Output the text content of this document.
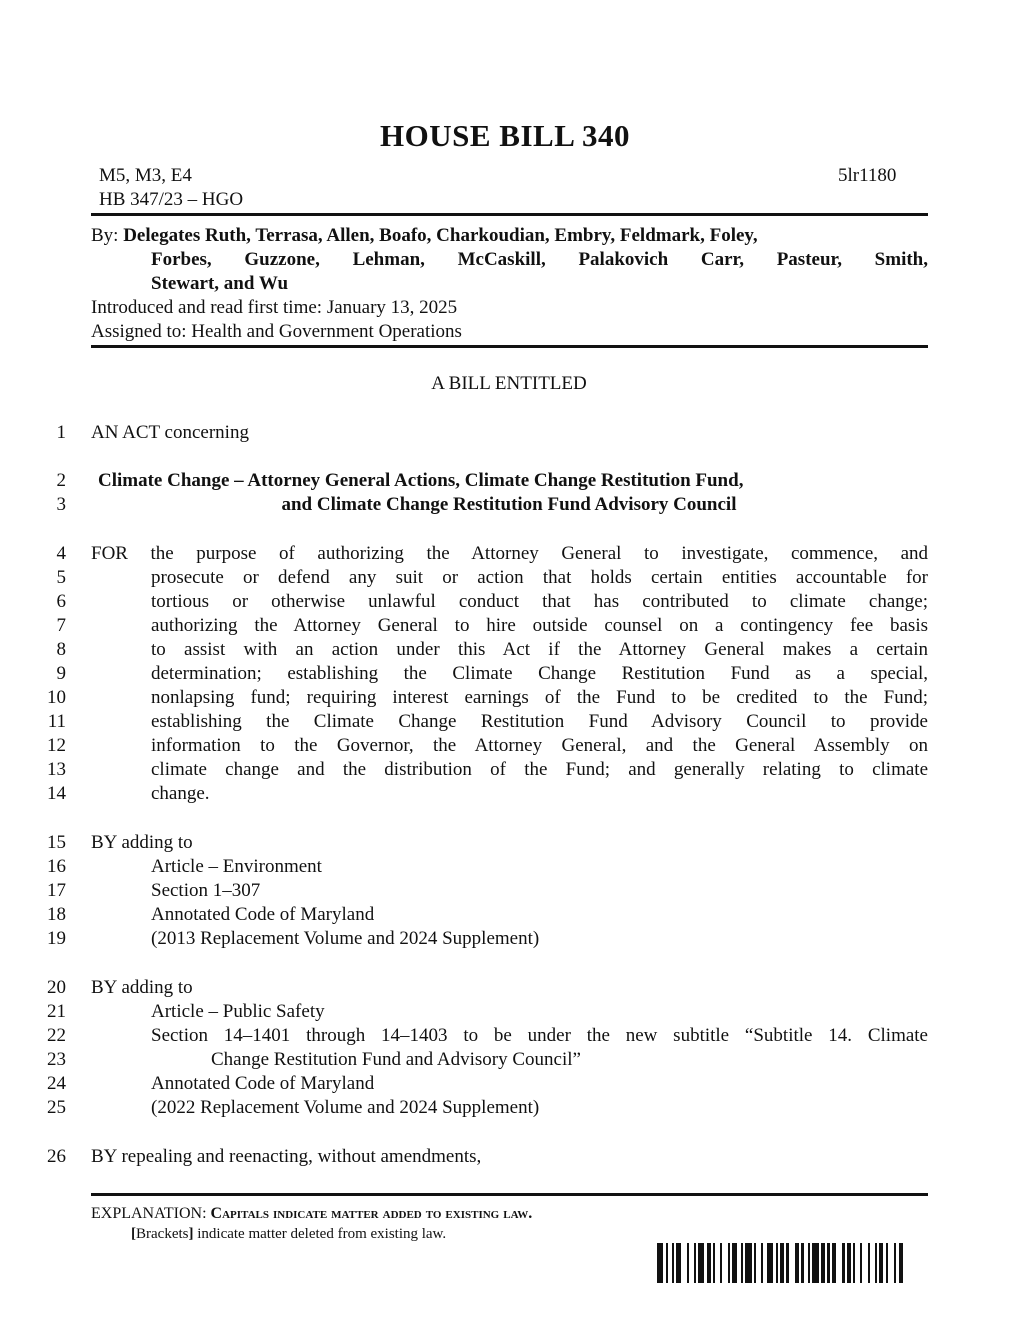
HOUSE BILL 340
M5, M3, E4
HB 347/23 – HGO
5lr1180
By: Delegates Ruth, Terrasa, Allen, Boafo, Charkoudian, Embry, Feldmark, Foley,
Forbes, Guzzone, Lehman, McCaskill, Palakovich Carr, Pasteur, Smith,
Stewart, and Wu
Introduced and read first time: January 13, 2025
Assigned to: Health and Government Operations
A BILL ENTITLED
1 AN ACT concerning
2 Climate Change – Attorney General Actions, Climate Change Restitution Fund,
3	and Climate Change Restitution Fund Advisory Council
4 FOR the purpose of authorizing the Attorney General to investigate, commence, and
5	prosecute or defend any suit or action that holds certain entities accountable for
6	tortious or otherwise unlawful conduct that has contributed to climate change;
7	authorizing the Attorney General to hire outside counsel on a contingency fee basis
8	to assist with an action under this Act if the Attorney General makes a certain
9	determination; establishing the Climate Change Restitution Fund as a special,
10	nonlapsing fund; requiring interest earnings of the Fund to be credited to the Fund;
11	establishing the Climate Change Restitution Fund Advisory Council to provide
12	information to the Governor, the Attorney General, and the General Assembly on
13	climate change and the distribution of the Fund; and generally relating to climate
14	change.
15 BY adding to
16	Article – Environment
17	Section 1–307
18	Annotated Code of Maryland
19	(2013 Replacement Volume and 2024 Supplement)
20 BY adding to
21	Article – Public Safety
22	Section 14–1401 through 14–1403 to be under the new subtitle “Subtitle 14. Climate
23	Change Restitution Fund and Advisory Council”
24	Annotated Code of Maryland
25	(2022 Replacement Volume and 2024 Supplement)
26 BY repealing and reenacting, without amendments,
EXPLANATION: Capitals indicate matter added to existing law.
[Brackets] indicate matter deleted from existing law.
